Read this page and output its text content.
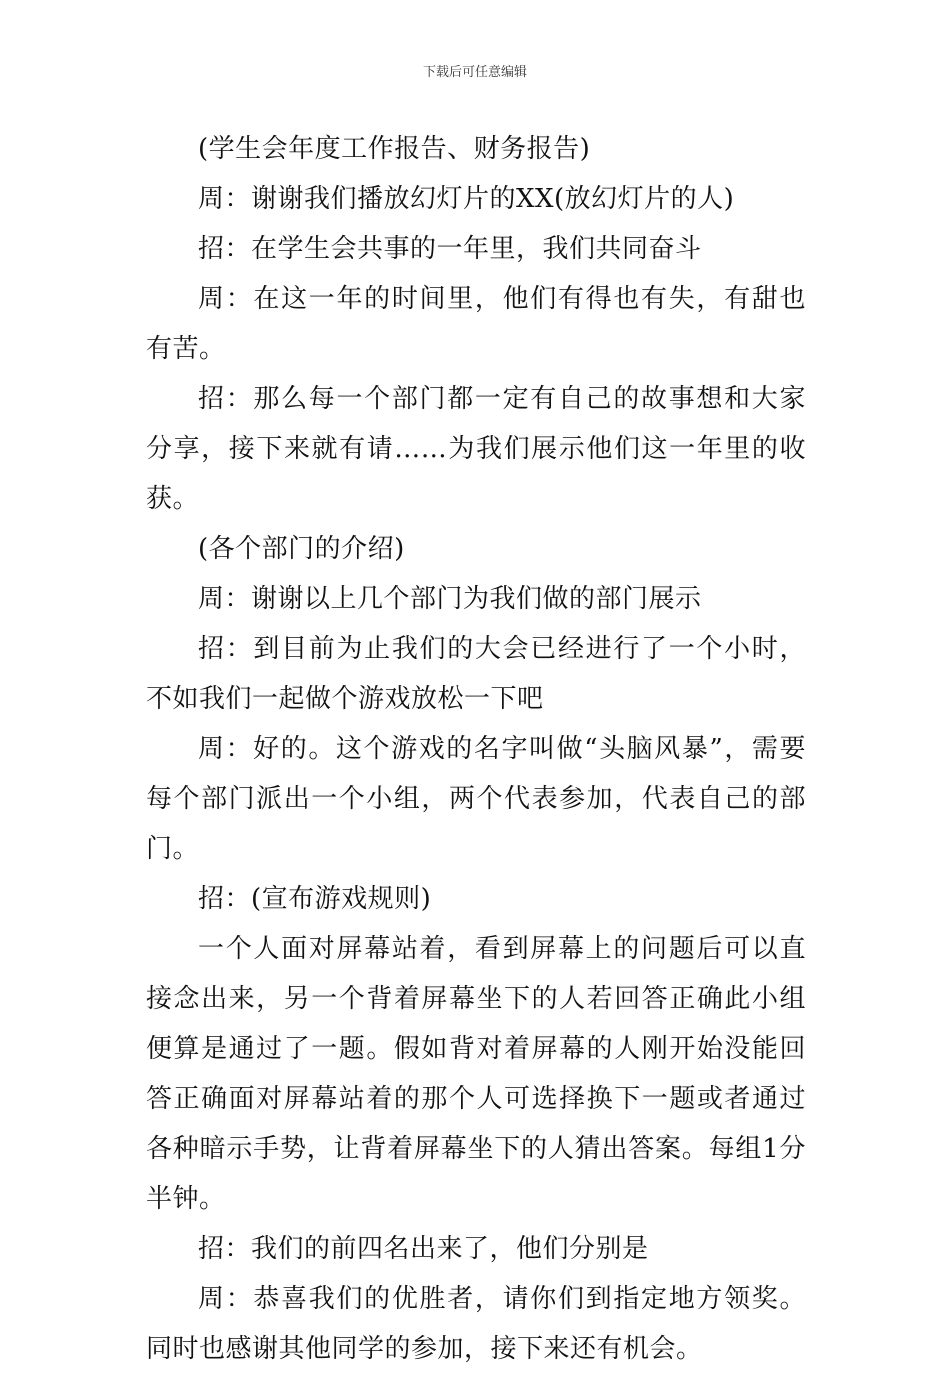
下载后可任意编辑

(学生会年度工作报告、财务报告)

周：谢谢我们播放幻灯片的XX(放幻灯片的人)

招：在学生会共事的一年里，我们共同奋斗

周：在这一年的时间里，他们有得也有失，有甜也有苦。

招：那么每一个部门都一定有自己的故事想和大家分享，接下来就有请……为我们展示他们这一年里的收获。

(各个部门的介绍)

周：谢谢以上几个部门为我们做的部门展示

招：到目前为止我们的大会已经进行了一个小时，不如我们一起做个游戏放松一下吧

周：好的。这个游戏的名字叫做“头脑风暴”，需要每个部门派出一个小组，两个代表参加，代表自己的部门。

招：(宣布游戏规则)

一个人面对屏幕站着，看到屏幕上的问题后可以直接念出来，另一个背着屏幕坐下的人若回答正确此小组便算是通过了一题。假如背对着屏幕的人刚开始没能回答正确面对屏幕站着的那个人可选择换下一题或者通过各种暗示手势，让背着屏幕坐下的人猜出答案。每组1分半钟。

招：我们的前四名出来了，他们分别是

周：恭喜我们的优胜者，请你们到指定地方领奖。同时也感谢其他同学的参加，接下来还有机会。
